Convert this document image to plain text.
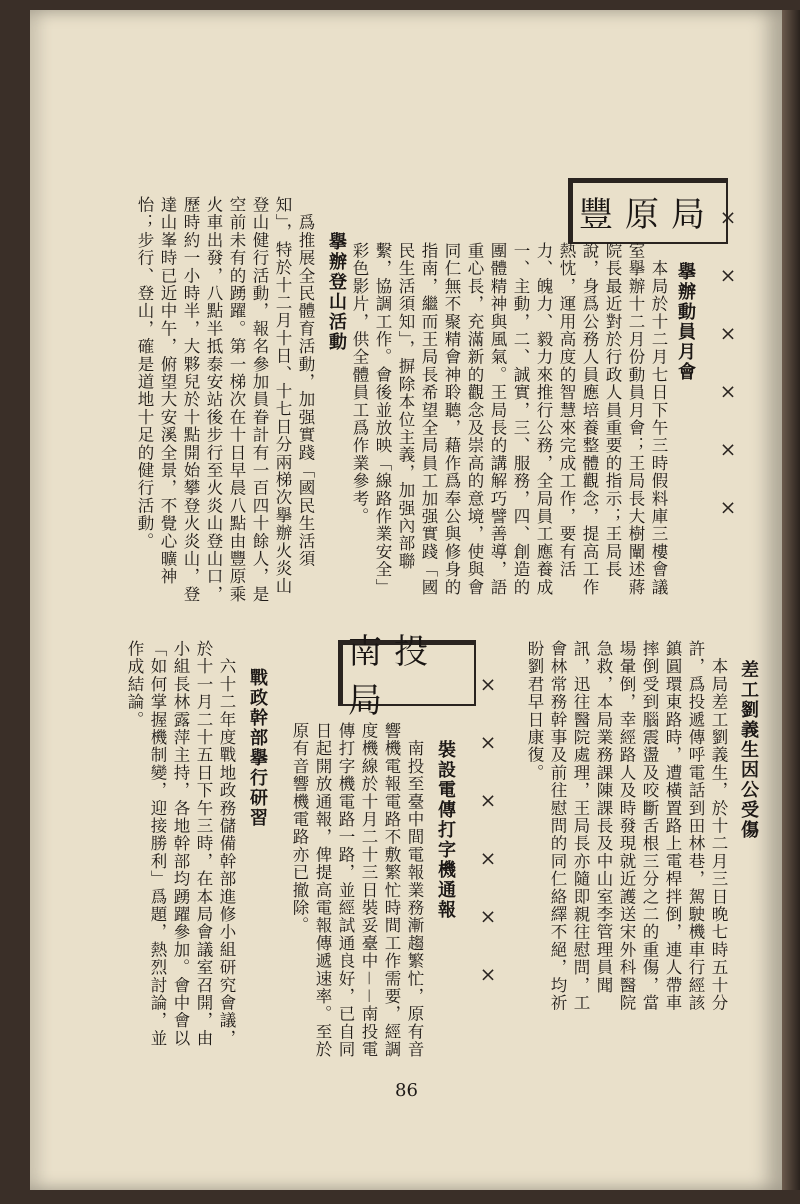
××××××
豐原局
擧辦動員月會
　本局於十二月七日下午三時假料庫三樓會議室擧辦十二月份動員月會；王局長大樹闡述蔣院長最近對於行政人員重要的指示；王局長說，身爲公務人員應培養整體觀念，提高工作熱忱，運用高度的智慧來完成工作，要有活力、魄力、毅力來推行公務，全局員工應養成一、主動，二、誠實，三、服務，四、創造的團體精神與風氣。王局長的講解巧譬善導，語重心長，充滿新的觀念及崇高的意境，使與會同仁無不聚精會神聆聽，藉作爲奉公與修身的指南，繼而王局長希望全局員工加强實踐「國民生活須知」，摒除本位主義，加强內部聯繫，協調工作。會後並放映「線路作業安全」彩色影片，供全體員工爲作業參考。
擧辦登山活動
　爲推展全民體育活動，加强實踐「國民生活須知」，特於十二月十日、十七日分兩梯次擧辦火炎山登山健行活動，報名參加員眷計有一百四十餘人，是空前未有的踴躍。第一梯次在十日早晨八點由豐原乘火車出發，八點半抵泰安站後步行至火炎山登山口，歷時約一小時半，大夥兒於十點開始攀登火炎山，登達山峯時已近中午，俯望大安溪全景，不覺心曠神怡；步行、登山，確是道地十足的健行活動。
差工劉義生因公受傷
　本局差工劉義生，於十二月三日晚七時五十分許，爲投遞傳呼電話到田林巷，駕駛機車行經該鎮圓環東路時，遭橫置路上電桿拌倒，連人帶車摔倒受到腦震盪及咬斷舌根三分之二的重傷，當場暈倒，幸經路人及時發現就近護送宋外科醫院急救，本局業務課陳課長及中山室李管理員聞訊，迅往醫院處理，王局長亦隨即親往慰問，工會林常務幹事及前往慰問的同仁絡繹不絕，均祈盼劉君早日康復。
××××××
南投局
裝設電傳打字機通報
　南投至臺中間電報業務漸趨繁忙，原有音響機電報電路不敷繁忙時間工作需要，經調度機線於十月二十三日裝妥臺中－－南投電傳打字機電路一路，並經試通良好，已自同日起開放通報，俾提高電報傳遞速率。至於原有音響機電路亦已撤除。
戰政幹部擧行研習
　六十二年度戰地政務儲備幹部進修小組研究會議，於十一月二十五日下午三時，在本局會議室召開，由小組長林露萍主持，各地幹部均踴躍參加。會中會以「如何掌握機制變，迎接勝利」爲題，熱烈討論，並作成結論。
86
